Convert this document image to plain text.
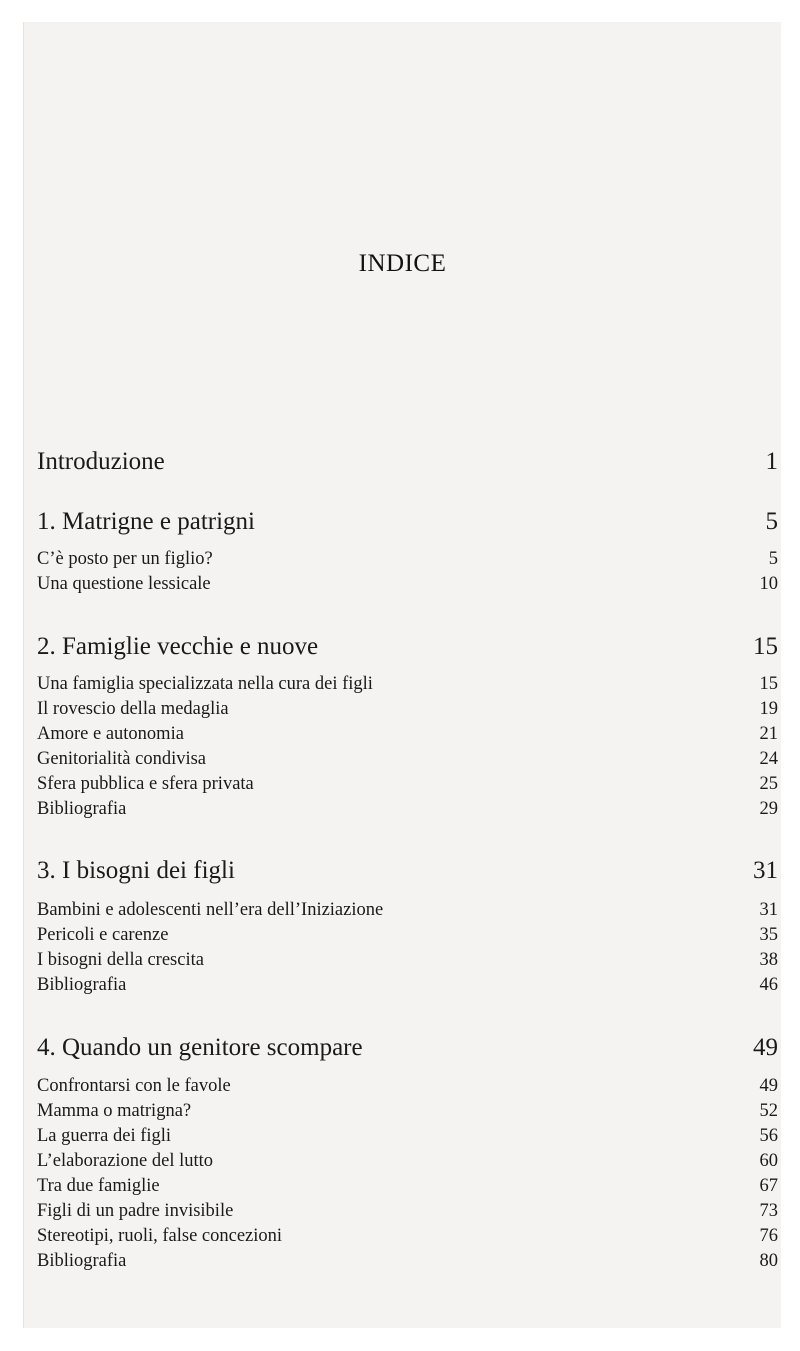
INDICE
Introduzione	1
1. Matrigne e patrigni	5
C’è posto per un figlio?	5
Una questione lessicale	10
2. Famiglie vecchie e nuove	15
Una famiglia specializzata nella cura dei figli	15
Il rovescio della medaglia	19
Amore e autonomia	21
Genitorialità condivisa	24
Sfera pubblica e sfera privata	25
Bibliografia	29
3. I bisogni dei figli	31
Bambini e adolescenti nell’era dell’Iniziazione	31
Pericoli e carenze	35
I bisogni della crescita	38
Bibliografia	46
4. Quando un genitore scompare	49
Confrontarsi con le favole	49
Mamma o matrigna?	52
La guerra dei figli	56
L’elaborazione del lutto	60
Tra due famiglie	67
Figli di un padre invisibile	73
Stereotipi, ruoli, false concezioni	76
Bibliografia	80
